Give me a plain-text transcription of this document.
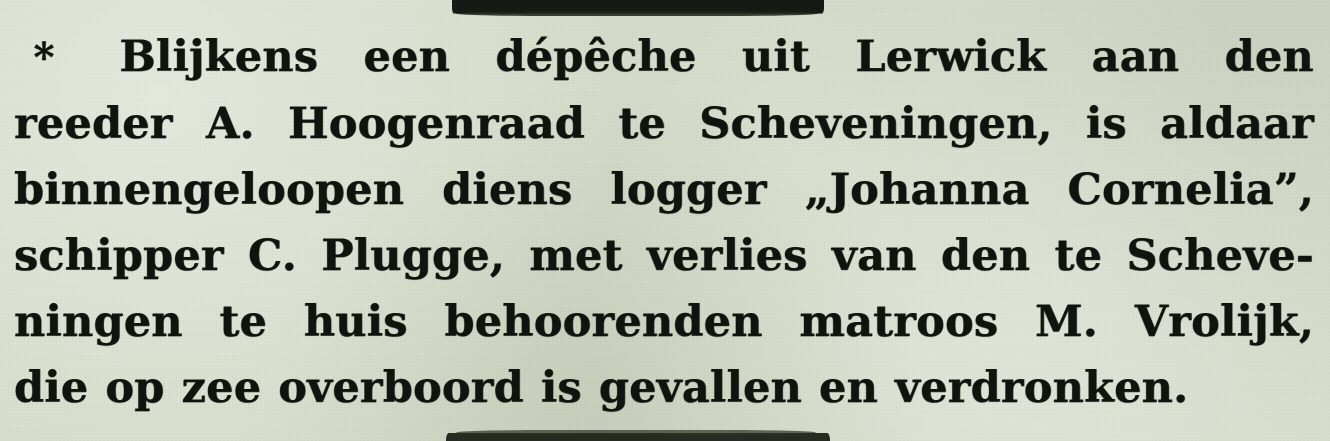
*	Blijkens een dépêche uit Lerwick aan den
reeder A. Hoogenraad te Scheveningen, is aldaar
binnengeloopen diens logger „Johanna Cornelia”,
schipper C. Plugge, met verlies van den te Scheve-
ningen te huis behoorenden matroos M. Vrolijk,
die op zee overboord is gevallen en verdronken.
